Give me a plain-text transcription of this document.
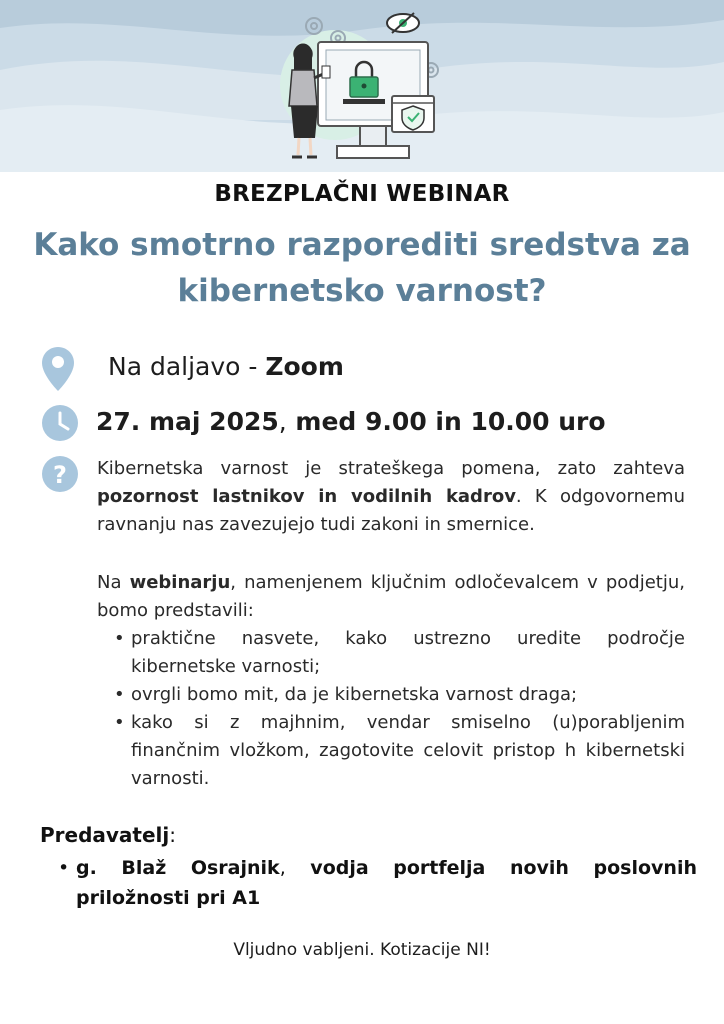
BREZPLAČNI WEBINAR
Kako smotrno razporediti sredstva za kibernetsko varnost?
Na daljavo - Zoom
27. maj 2025, med 9.00 in 10.00 uro
? Kibernetska varnost je strateškega pomena, zato zahteva pozornost lastnikov in vodilnih kadrov. K odgovornemu ravnanju nas zavezujejo tudi zakoni in smernice.

Na webinarju, namenjenem ključnim odločevalcem v podjetju, bomo predstavili:

• praktične nasvete, kako ustrezno uredite področje kibernetske varnosti;
• ovrgli bomo mit, da je kibernetska varnost draga;
• kako si z majhnim, vendar smiselno (u)porabljenim finančnim vložkom, zagotovite celovit pristop h kibernetski varnosti.
Predavatelj:
• g. Blaž Osrajnik, vodja portfelja novih poslovnih priložnosti pri A1
Vljudno vabljeni. Kotizacije NI!
